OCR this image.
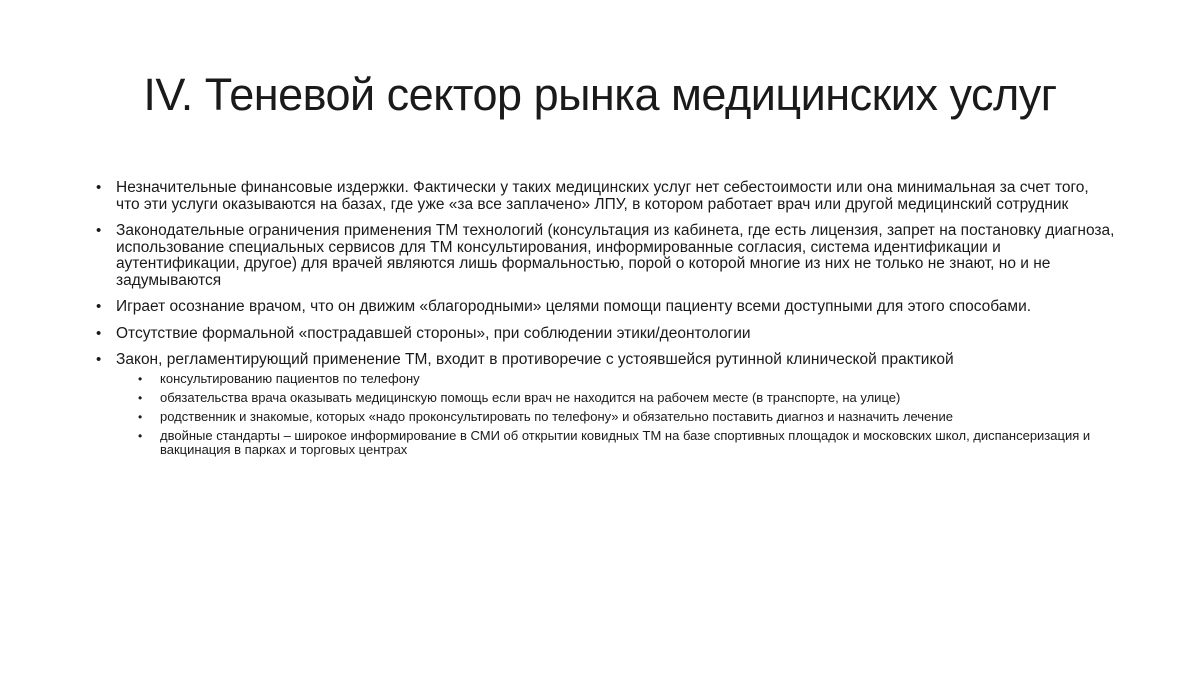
IV. Теневой сектор рынка медицинских услуг
• Незначительные финансовые издержки. Фактически у таких медицинских услуг нет себестоимости или она минимальная за счет того, что эти услуги оказываются на базах, где уже «за все заплачено» ЛПУ, в котором работает врач или другой медицинский сотрудник
• Законодательные ограничения применения ТМ технологий (консультация из кабинета, где есть лицензия, запрет на постановку диагноза, использование специальных сервисов для ТМ консультирования, информированные согласия, система идентификации и аутентификации, другое) для врачей являются лишь формальностью, порой о которой многие из них не только не знают, но и не задумываются
• Играет осознание врачом, что он движим «благородными» целями помощи пациенту всеми доступными для этого способами.
• Отсутствие формальной «пострадавшей стороны», при соблюдении этики/деонтологии
• Закон, регламентирующий применение ТМ, входит в противоречие с устоявшейся рутинной клинической практикой
• консультированию пациентов по телефону
• обязательства врача оказывать медицинскую помощь если врач не находится на рабочем месте (в транспорте, на улице)
• родственник и знакомые, которых «надо проконсультировать по телефону» и обязательно поставить диагноз и назначить лечение
• двойные стандарты – широкое информирование в СМИ об открытии ковидных ТМ на базе спортивных площадок и московских школ, диспансеризация и вакцинация в парках и торговых центрах
